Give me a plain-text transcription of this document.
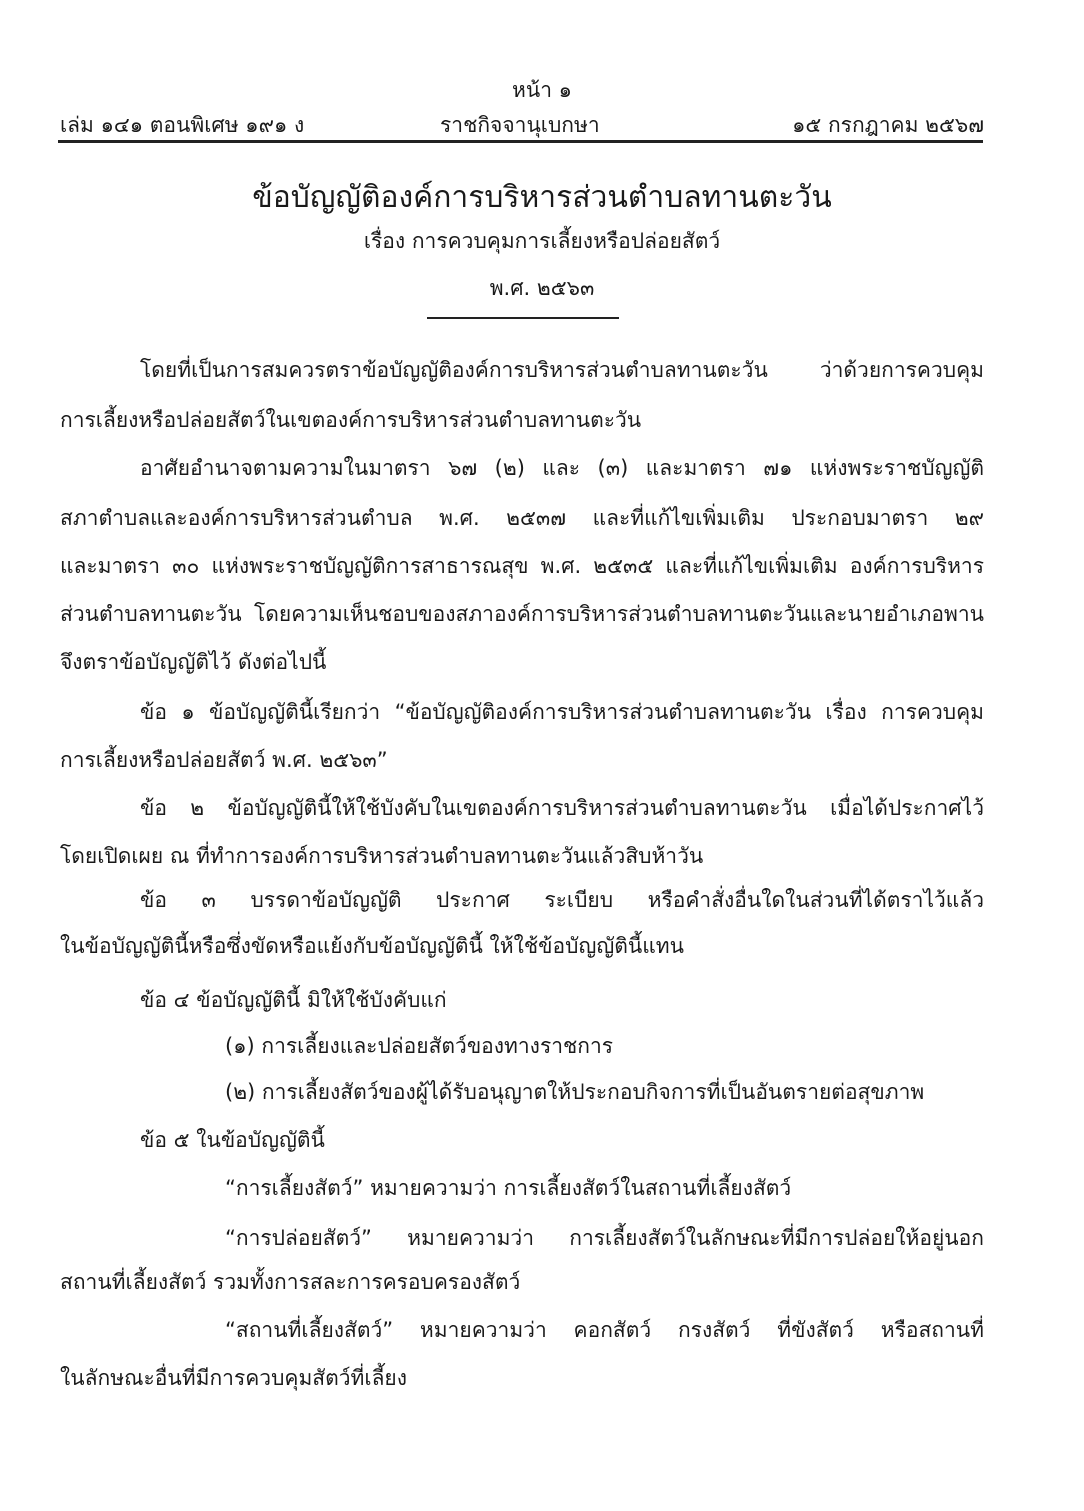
หน้า ๑
เล่ม ๑๔๑ ตอนพิเศษ ๑๙๑ ง	ราชกิจจานุเบกษา	๑๕ กรกฎาคม ๒๕๖๗
ข้อบัญญัติองค์การบริหารส่วนตำบลทานตะวัน
เรื่อง การควบคุมการเลี้ยงหรือปล่อยสัตว์
พ.ศ. ๒๕๖๓
โดยที่เป็นการสมควรตราข้อบัญญัติองค์การบริหารส่วนตำบลทานตะวัน ว่าด้วยการควบคุม
การเลี้ยงหรือปล่อยสัตว์ในเขตองค์การบริหารส่วนตำบลทานตะวัน
อาศัยอำนาจตามความในมาตรา ๖๗ (๒) และ (๓) และมาตรา ๗๑ แห่งพระราชบัญญัติ
สภาตำบลและองค์การบริหารส่วนตำบล พ.ศ. ๒๕๓๗ และที่แก้ไขเพิ่มเติม ประกอบมาตรา ๒๙
และมาตรา ๓๐ แห่งพระราชบัญญัติการสาธารณสุข พ.ศ. ๒๕๓๕ และที่แก้ไขเพิ่มเติม องค์การบริหาร
ส่วนตำบลทานตะวัน โดยความเห็นชอบของสภาองค์การบริหารส่วนตำบลทานตะวันและนายอำเภอพาน
จึงตราข้อบัญญัติไว้ ดังต่อไปนี้
ข้อ ๑ ข้อบัญญัตินี้เรียกว่า “ข้อบัญญัติองค์การบริหารส่วนตำบลทานตะวัน เรื่อง การควบคุม
การเลี้ยงหรือปล่อยสัตว์ พ.ศ. ๒๕๖๓”
ข้อ ๒ ข้อบัญญัตินี้ให้ใช้บังคับในเขตองค์การบริหารส่วนตำบลทานตะวัน เมื่อได้ประกาศไว้
โดยเปิดเผย ณ ที่ทำการองค์การบริหารส่วนตำบลทานตะวันแล้วสิบห้าวัน
ข้อ ๓ บรรดาข้อบัญญัติ ประกาศ ระเบียบ หรือคำสั่งอื่นใดในส่วนที่ได้ตราไว้แล้ว
ในข้อบัญญัตินี้หรือซึ่งขัดหรือแย้งกับข้อบัญญัตินี้ ให้ใช้ข้อบัญญัตินี้แทน
ข้อ ๔ ข้อบัญญัตินี้ มิให้ใช้บังคับแก่
(๑) การเลี้ยงและปล่อยสัตว์ของทางราชการ
(๒) การเลี้ยงสัตว์ของผู้ได้รับอนุญาตให้ประกอบกิจการที่เป็นอันตรายต่อสุขภาพ
ข้อ ๕ ในข้อบัญญัตินี้
“การเลี้ยงสัตว์” หมายความว่า การเลี้ยงสัตว์ในสถานที่เลี้ยงสัตว์
“การปล่อยสัตว์” หมายความว่า การเลี้ยงสัตว์ในลักษณะที่มีการปล่อยให้อยู่นอก
สถานที่เลี้ยงสัตว์ รวมทั้งการสละการครอบครองสัตว์
“สถานที่เลี้ยงสัตว์” หมายความว่า คอกสัตว์ กรงสัตว์ ที่ขังสัตว์ หรือสถานที่
ในลักษณะอื่นที่มีการควบคุมสัตว์ที่เลี้ยง
